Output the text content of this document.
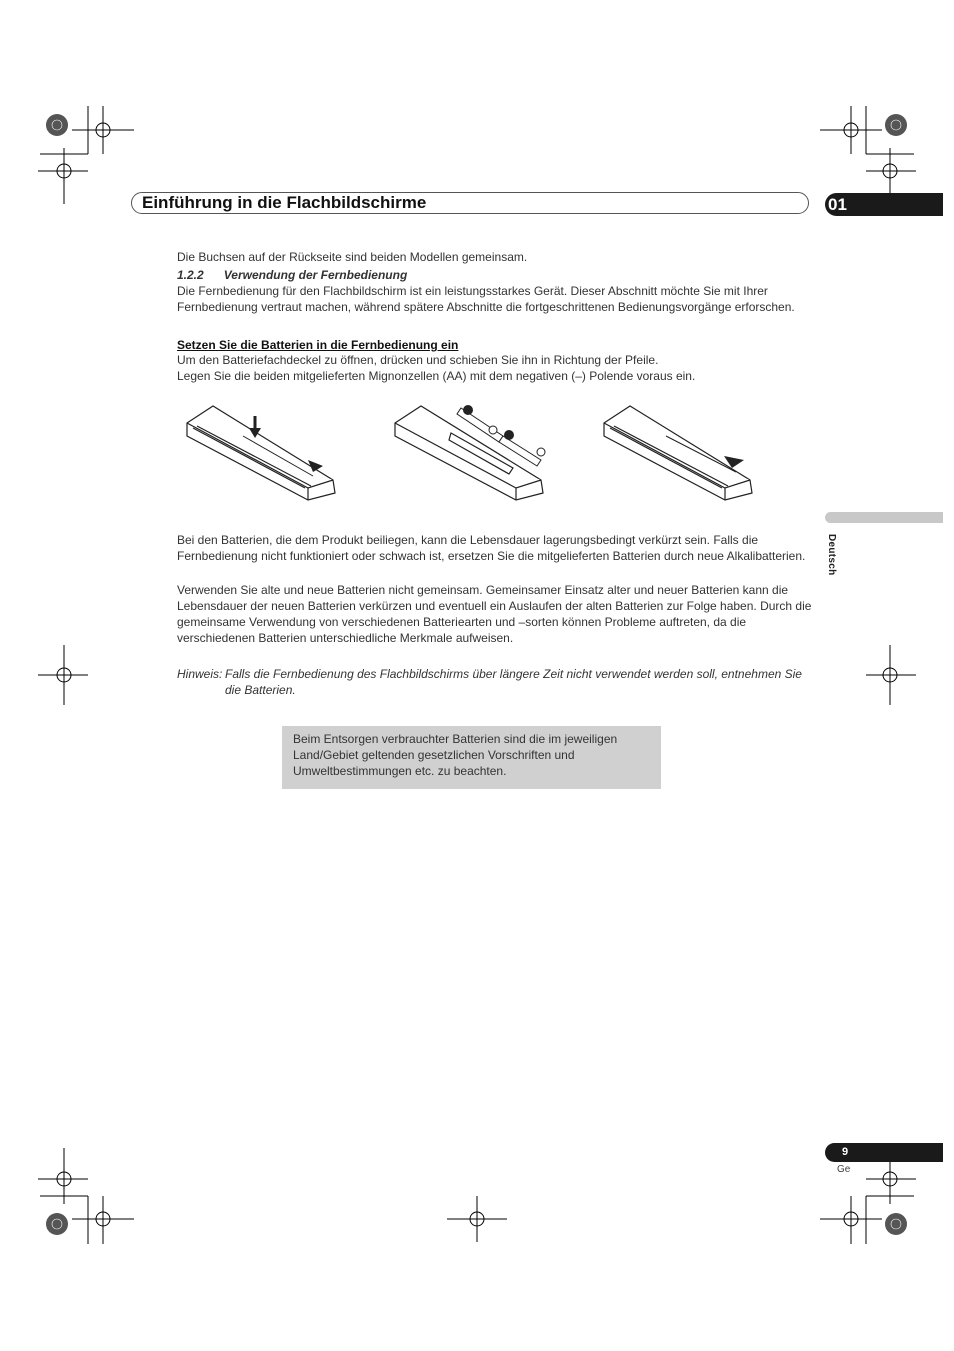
Einführung in die Flachbildschirme	01
Deutsch

Die Buchsen auf der Rückseite sind beiden Modellen gemeinsam.

1.2.2 Verwendung der Fernbedienung

Die Fernbedienung für den Flachbildschirm ist ein leistungsstarkes Gerät. Dieser Abschnitt möchte Sie mit Ihrer Fernbedienung vertraut machen, während spätere Abschnitte die fortgeschrittenen Bedienungsvorgänge erforschen.

Setzen Sie die Batterien in die Fernbedienung ein

Um den Batteriefachdeckel zu öffnen, drücken und schieben Sie ihn in Richtung der Pfeile.

Legen Sie die beiden mitgelieferten Mignonzellen (AA) mit dem negativen (–) Polende voraus ein.

Bei den Batterien, die dem Produkt beiliegen, kann die Lebensdauer lagerungsbedingt verkürzt sein. Falls die Fernbedienung nicht funktioniert oder schwach ist, ersetzen Sie die mitgelieferten Batterien durch neue Alkalibatterien.

Verwenden Sie alte und neue Batterien nicht gemeinsam. Gemeinsamer Einsatz alter und neuer Batterien kann die Lebensdauer der neuen Batterien verkürzen und eventuell ein Auslaufen der alten Batterien zur Folge haben. Durch die gemeinsame Verwendung von verschiedenen Batteriearten und –sorten können Probleme auftreten, da die verschiedenen Batterien unterschiedliche Merkmale aufweisen.

Hinweis: Falls die Fernbedienung des Flachbildschirms über längere Zeit nicht verwendet werden soll, entnehmen Sie die Batterien.
Beim Entsorgen verbrauchter Batterien sind die im jeweiligen Land/Gebiet geltenden gesetzlichen Vorschriften und Umweltbestimmungen etc. zu beachten.
9
Ge
